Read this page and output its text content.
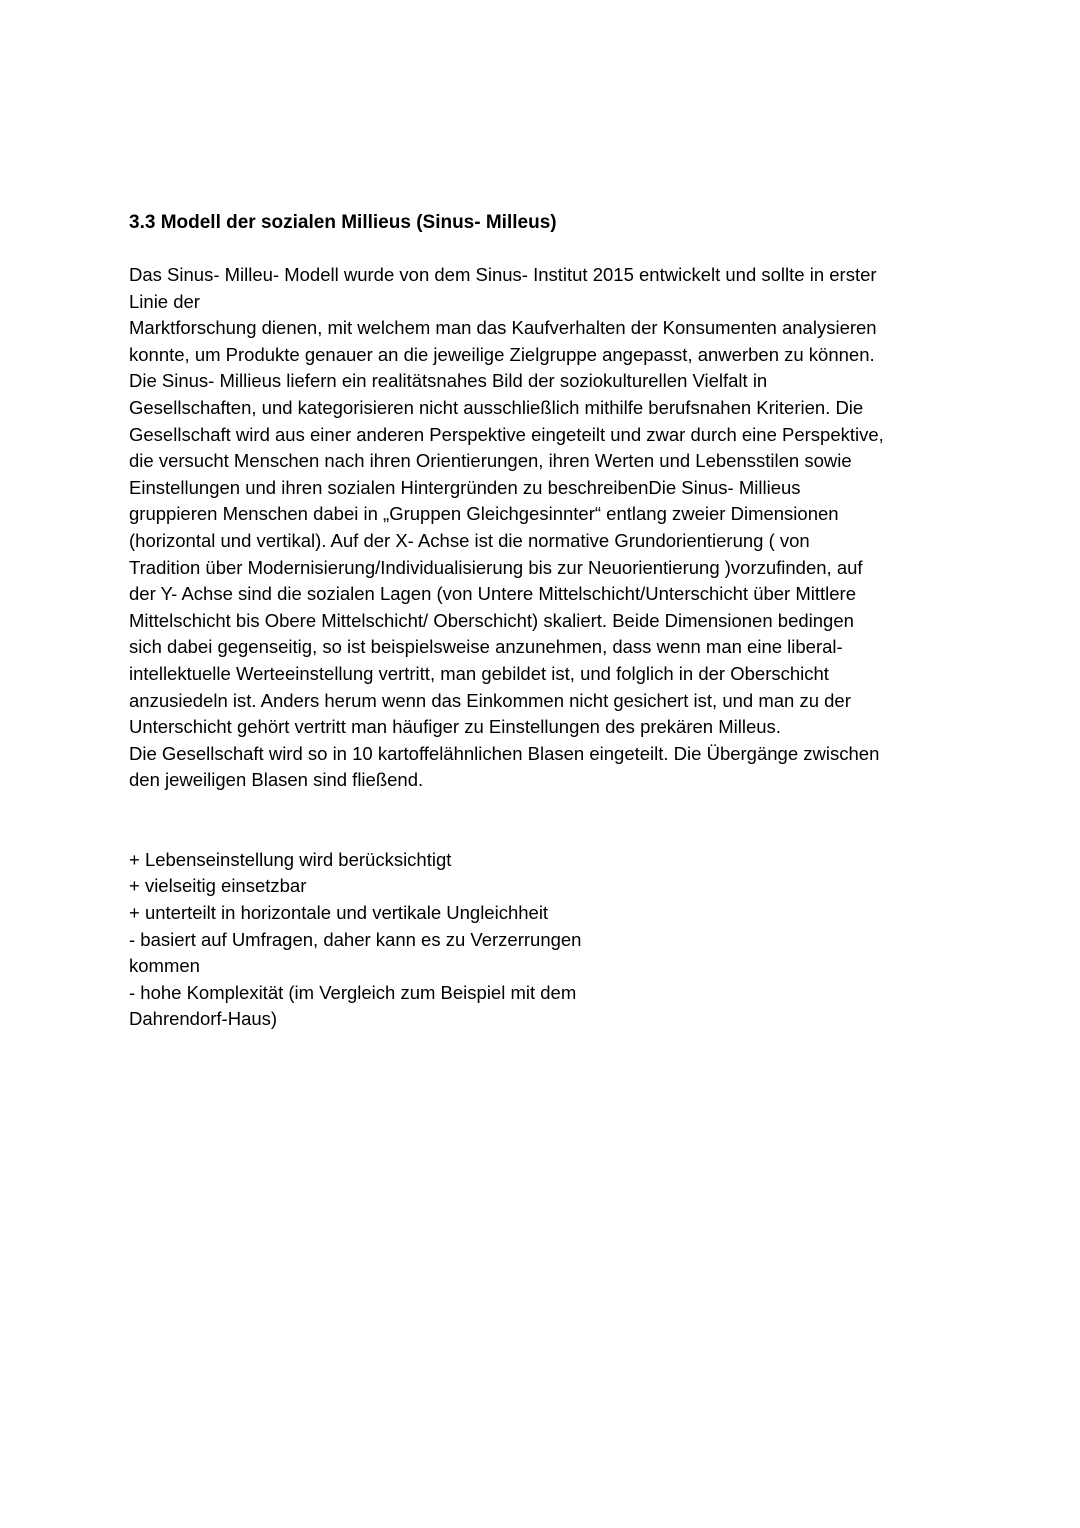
3.3 Modell der sozialen Millieus (Sinus- Milleus)

Das Sinus- Milleu- Modell wurde von dem Sinus- Institut 2015 entwickelt und sollte in erster

Linie der

Marktforschung dienen, mit welchem man das Kaufverhalten der Konsumenten analysieren

konnte, um Produkte genauer an die jeweilige Zielgruppe angepasst, anwerben zu können.

Die Sinus- Millieus liefern ein realitätsnahes Bild der soziokulturellen Vielfalt in

Gesellschaften, und kategorisieren nicht ausschließlich mithilfe berufsnahen Kriterien. Die

Gesellschaft wird aus einer anderen Perspektive eingeteilt und zwar durch eine Perspektive,

die versucht Menschen nach ihren Orientierungen, ihren Werten und Lebensstilen sowie

Einstellungen und ihren sozialen Hintergründen zu beschreibenDie Sinus- Millieus

gruppieren Menschen dabei in „Gruppen Gleichgesinnter“ entlang zweier Dimensionen

(horizontal und vertikal). Auf der X- Achse ist die normative Grundorientierung ( von

Tradition über Modernisierung/Individualisierung bis zur Neuorientierung )vorzufinden, auf

der Y- Achse sind die sozialen Lagen (von Untere Mittelschicht/Unterschicht über Mittlere

Mittelschicht bis Obere Mittelschicht/ Oberschicht) skaliert. Beide Dimensionen bedingen

sich dabei gegenseitig, so ist beispielsweise anzunehmen, dass wenn man eine liberal-

intellektuelle Werteeinstellung vertritt, man gebildet ist, und folglich in der Oberschicht

anzusiedeln ist. Anders herum wenn das Einkommen nicht gesichert ist, und man zu der

Unterschicht gehört vertritt man häufiger zu Einstellungen des prekären Milleus.

Die Gesellschaft wird so in 10 kartoffelähnlichen Blasen eingeteilt. Die Übergänge zwischen

den jeweiligen Blasen sind fließend.

+ Lebenseinstellung wird berücksichtigt

+ vielseitig einsetzbar

+ unterteilt in horizontale und vertikale Ungleichheit

- basiert auf Umfragen, daher kann es zu Verzerrungen

kommen

- hohe Komplexität (im Vergleich zum Beispiel mit dem

Dahrendorf-Haus)
